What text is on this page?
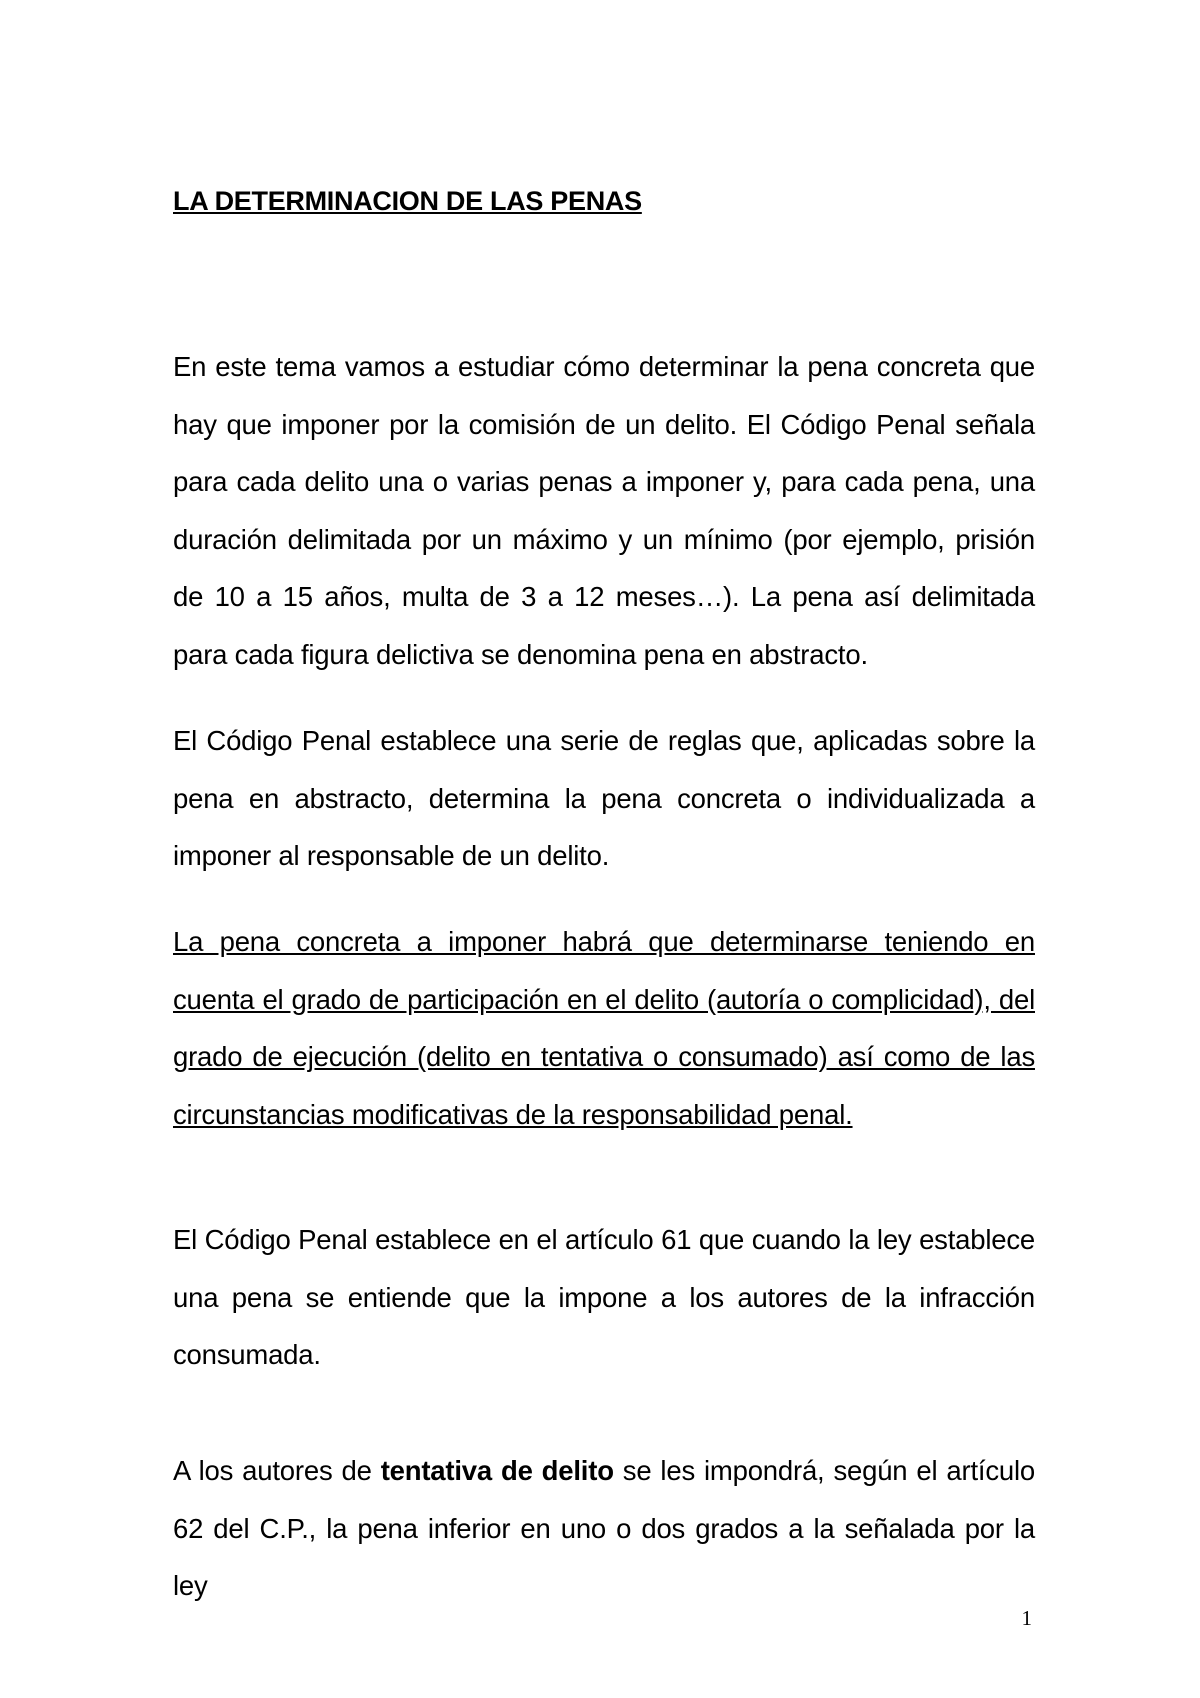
LA DETERMINACION DE LAS PENAS

En este tema vamos a estudiar cómo determinar la pena concreta que hay que imponer por la comisión de un delito. El Código Penal señala para cada delito una o varias penas a imponer y, para cada pena, una duración delimitada por un máximo y un mínimo (por ejemplo, prisión de 10 a 15 años, multa de 3 a 12 meses…). La pena así delimitada para cada figura delictiva se denomina pena en abstracto.

El Código Penal establece una serie de reglas que, aplicadas sobre la pena en abstracto, determina la pena concreta o individualizada a imponer al responsable de un delito.

La pena concreta a imponer habrá que determinarse teniendo en cuenta el grado de participación en el delito (autoría o complicidad), del grado de ejecución (delito en tentativa o consumado) así como de las circunstancias modificativas de la responsabilidad penal.

El Código Penal establece en el artículo 61 que cuando la ley establece una pena se entiende que la impone a los autores de la infracción consumada.

A los autores de tentativa de delito se les impondrá, según el artículo 62 del C.P., la pena inferior en uno o dos grados a la señalada por la ley

1
